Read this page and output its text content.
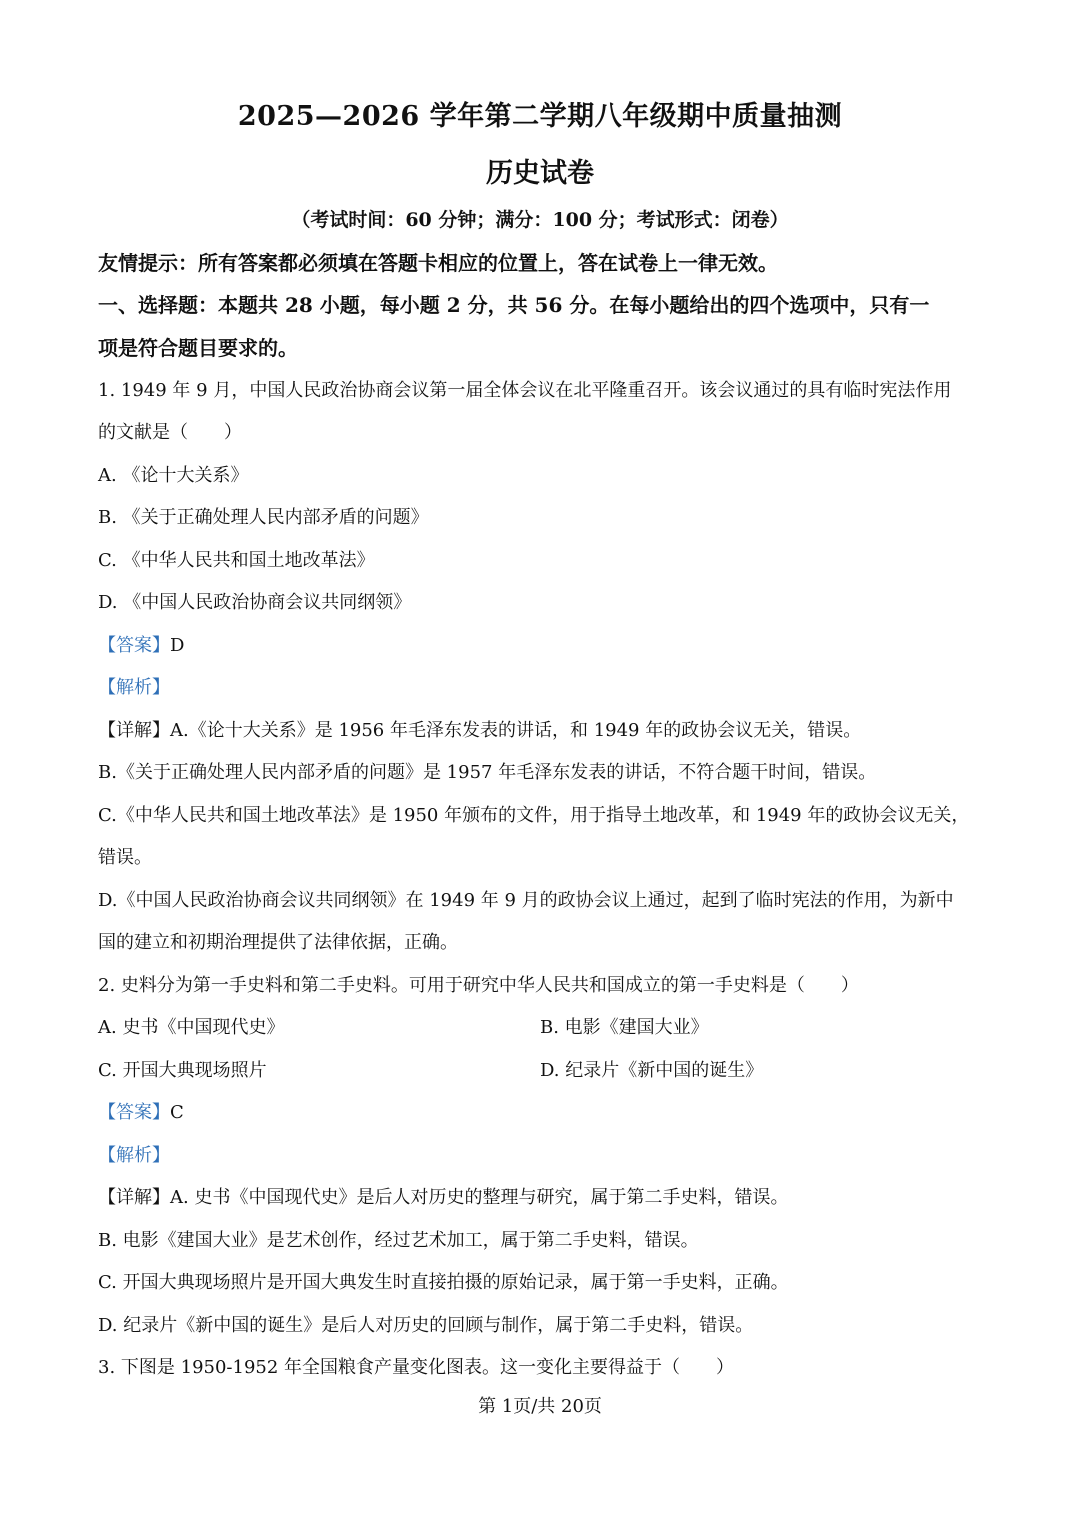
2025—2026 学年第二学期八年级期中质量抽测
历史试卷
（考试时间：60 分钟；满分：100 分；考试形式：闭卷）
友情提示：所有答案都必须填在答题卡相应的位置上，答在试卷上一律无效。
一、选择题：本题共 28 小题，每小题 2 分，共 56 分。在每小题给出的四个选项中，只有一
项是符合题目要求的。
1. 1949 年 9 月，中国人民政治协商会议第一届全体会议在北平隆重召开。该会议通过的具有临时宪法作用
的文献是（　　）
A. 《论十大关系》
B. 《关于正确处理人民内部矛盾的问题》
C. 《中华人民共和国土地改革法》
D. 《中国人民政治协商会议共同纲领》
【答案】D
【解析】
【详解】A.《论十大关系》是 1956 年毛泽东发表的讲话，和 1949 年的政协会议无关，错误。
B.《关于正确处理人民内部矛盾的问题》是 1957 年毛泽东发表的讲话，不符合题干时间，错误。
C.《中华人民共和国土地改革法》是 1950 年颁布的文件，用于指导土地改革，和 1949 年的政协会议无关，
错误。
D.《中国人民政治协商会议共同纲领》在 1949 年 9 月的政协会议上通过，起到了临时宪法的作用，为新中
国的建立和初期治理提供了法律依据，正确。
2. 史料分为第一手史料和第二手史料。可用于研究中华人民共和国成立的第一手史料是（　　）
A. 史书《中国现代史》	B. 电影《建国大业》
C. 开国大典现场照片	D. 纪录片《新中国的诞生》
【答案】C
【解析】
【详解】A. 史书《中国现代史》是后人对历史的整理与研究，属于第二手史料，错误。
B. 电影《建国大业》是艺术创作，经过艺术加工，属于第二手史料，错误。
C. 开国大典现场照片是开国大典发生时直接拍摄的原始记录，属于第一手史料，正确。
D. 纪录片《新中国的诞生》是后人对历史的回顾与制作，属于第二手史料，错误。
3. 下图是 1950-1952 年全国粮食产量变化图表。这一变化主要得益于（　　）
第 1页/共 20页
